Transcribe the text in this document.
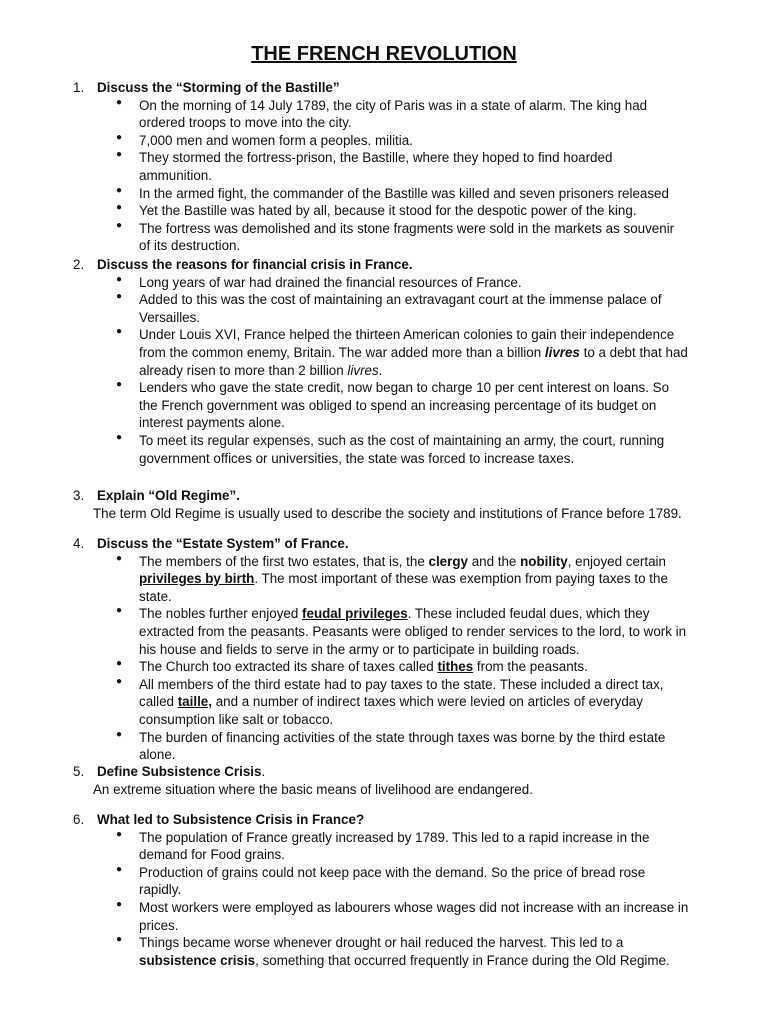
THE FRENCH REVOLUTION
1. Discuss the “Storming of the Bastille”
● On the morning of 14 July 1789, the city of Paris was in a state of alarm. The king had
ordered troops to move into the city.
● 7,000 men and women form a peoples. militia.
● They stormed the fortress-prison, the Bastille, where they hoped to find hoarded
ammunition.
● In the armed fight, the commander of the Bastille was killed and seven prisoners released
● Yet the Bastille was hated by all, because it stood for the despotic power of the king.
● The fortress was demolished and its stone fragments were sold in the markets as souvenir
of its destruction.
2. Discuss the reasons for financial crisis in France.
● Long years of war had drained the financial resources of France.
● Added to this was the cost of maintaining an extravagant court at the immense palace of
Versailles.
● Under Louis XVI, France helped the thirteen American colonies to gain their independence
from the common enemy, Britain. The war added more than a billion livres to a debt that had
already risen to more than 2 billion livres.
● Lenders who gave the state credit, now began to charge 10 per cent interest on loans. So
the French government was obliged to spend an increasing percentage of its budget on
interest payments alone.
● To meet its regular expenses, such as the cost of maintaining an army, the court, running
government offices or universities, the state was forced to increase taxes.
3. Explain “Old Regime”.
The term Old Regime is usually used to describe the society and institutions of France before 1789.
4. Discuss the “Estate System” of France.
● The members of the first two estates, that is, the clergy and the nobility, enjoyed certain
privileges by birth. The most important of these was exemption from paying taxes to the
state.
● The nobles further enjoyed feudal privileges. These included feudal dues, which they
extracted from the peasants. Peasants were obliged to render services to the lord, to work in
his house and fields to serve in the army or to participate in building roads.
● The Church too extracted its share of taxes called tithes from the peasants.
● All members of the third estate had to pay taxes to the state. These included a direct tax,
called taille, and a number of indirect taxes which were levied on articles of everyday
consumption like salt or tobacco.
● The burden of financing activities of the state through taxes was borne by the third estate
alone.
5. Define Subsistence Crisis.
An extreme situation where the basic means of livelihood are endangered.
6. What led to Subsistence Crisis in France?
● The population of France greatly increased by 1789. This led to a rapid increase in the
demand for Food grains.
● Production of grains could not keep pace with the demand. So the price of bread rose
rapidly.
● Most workers were employed as labourers whose wages did not increase with an increase in
prices.
● Things became worse whenever drought or hail reduced the harvest. This led to a
subsistence crisis, something that occurred frequently in France during the Old Regime.
